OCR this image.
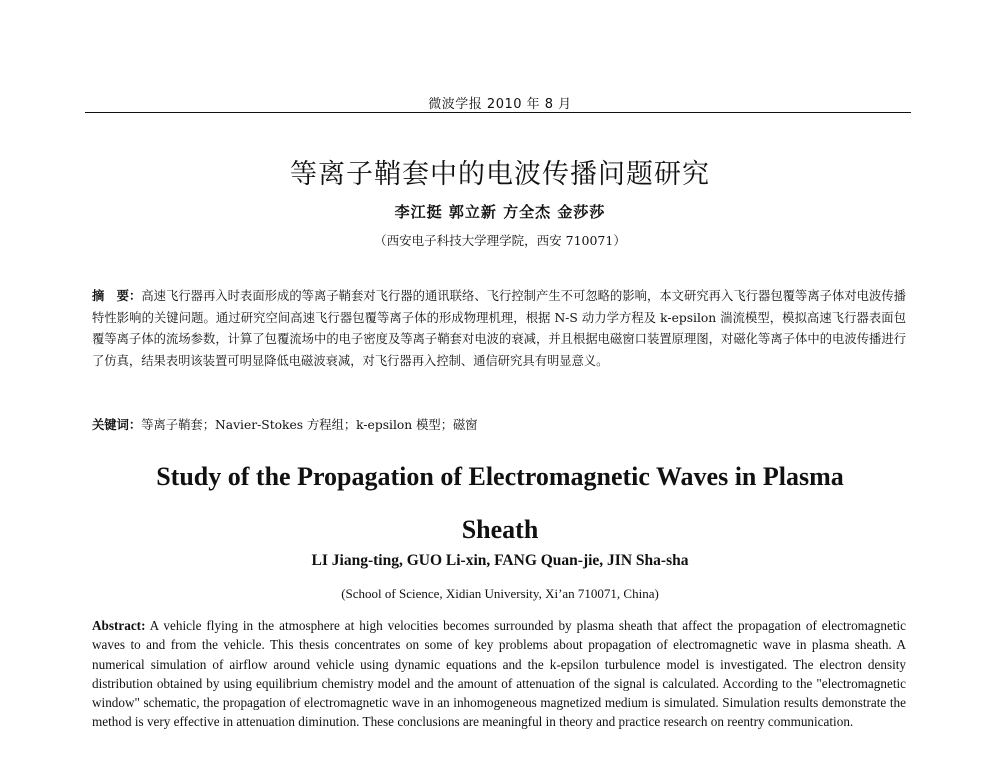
微波学报 2010 年 8 月
等离子鞘套中的电波传播问题研究
李江挺 郭立新 方全杰 金莎莎
（西安电子科技大学理学院，西安 710071）
摘　要：高速飞行器再入时表面形成的等离子鞘套对飞行器的通讯联络、飞行控制产生不可忽略的影响，本文研究再入飞行器包覆等离子体对电波传播特性影响的关键问题。通过研究空间高速飞行器包覆等离子体的形成物理机理，根据 N-S 动力学方程及 k-epsilon 湍流模型，模拟高速飞行器表面包覆等离子体的流场参数，计算了包覆流场中的电子密度及等离子鞘套对电波的衰减，并且根据电磁窗口装置原理图，对磁化等离子体中的电波传播进行了仿真，结果表明该装置可明显降低电磁波衰减，对飞行器再入控制、通信研究具有明显意义。
关键词：等离子鞘套；Navier-Stokes 方程组；k-epsilon 模型；磁窗
Study of the Propagation of Electromagnetic Waves in Plasma Sheath
LI Jiang-ting, GUO Li-xin, FANG Quan-jie, JIN Sha-sha
(School of Science, Xidian University, Xi’an 710071, China)
Abstract: A vehicle flying in the atmosphere at high velocities becomes surrounded by plasma sheath that affect the propagation of electromagnetic waves to and from the vehicle. This thesis concentrates on some of key problems about propagation of electromagnetic wave in plasma sheath. A numerical simulation of airflow around vehicle using dynamic equations and the k-epsilon turbulence model is investigated. The electron density distribution obtained by using equilibrium chemistry model and the amount of attenuation of the signal is calculated. According to the "electromagnetic window" schematic, the propagation of electromagnetic wave in an inhomogeneous magnetized medium is simulated. Simulation results demonstrate the method is very effective in attenuation diminution. These conclusions are meaningful in theory and practice research on reentry communication.
